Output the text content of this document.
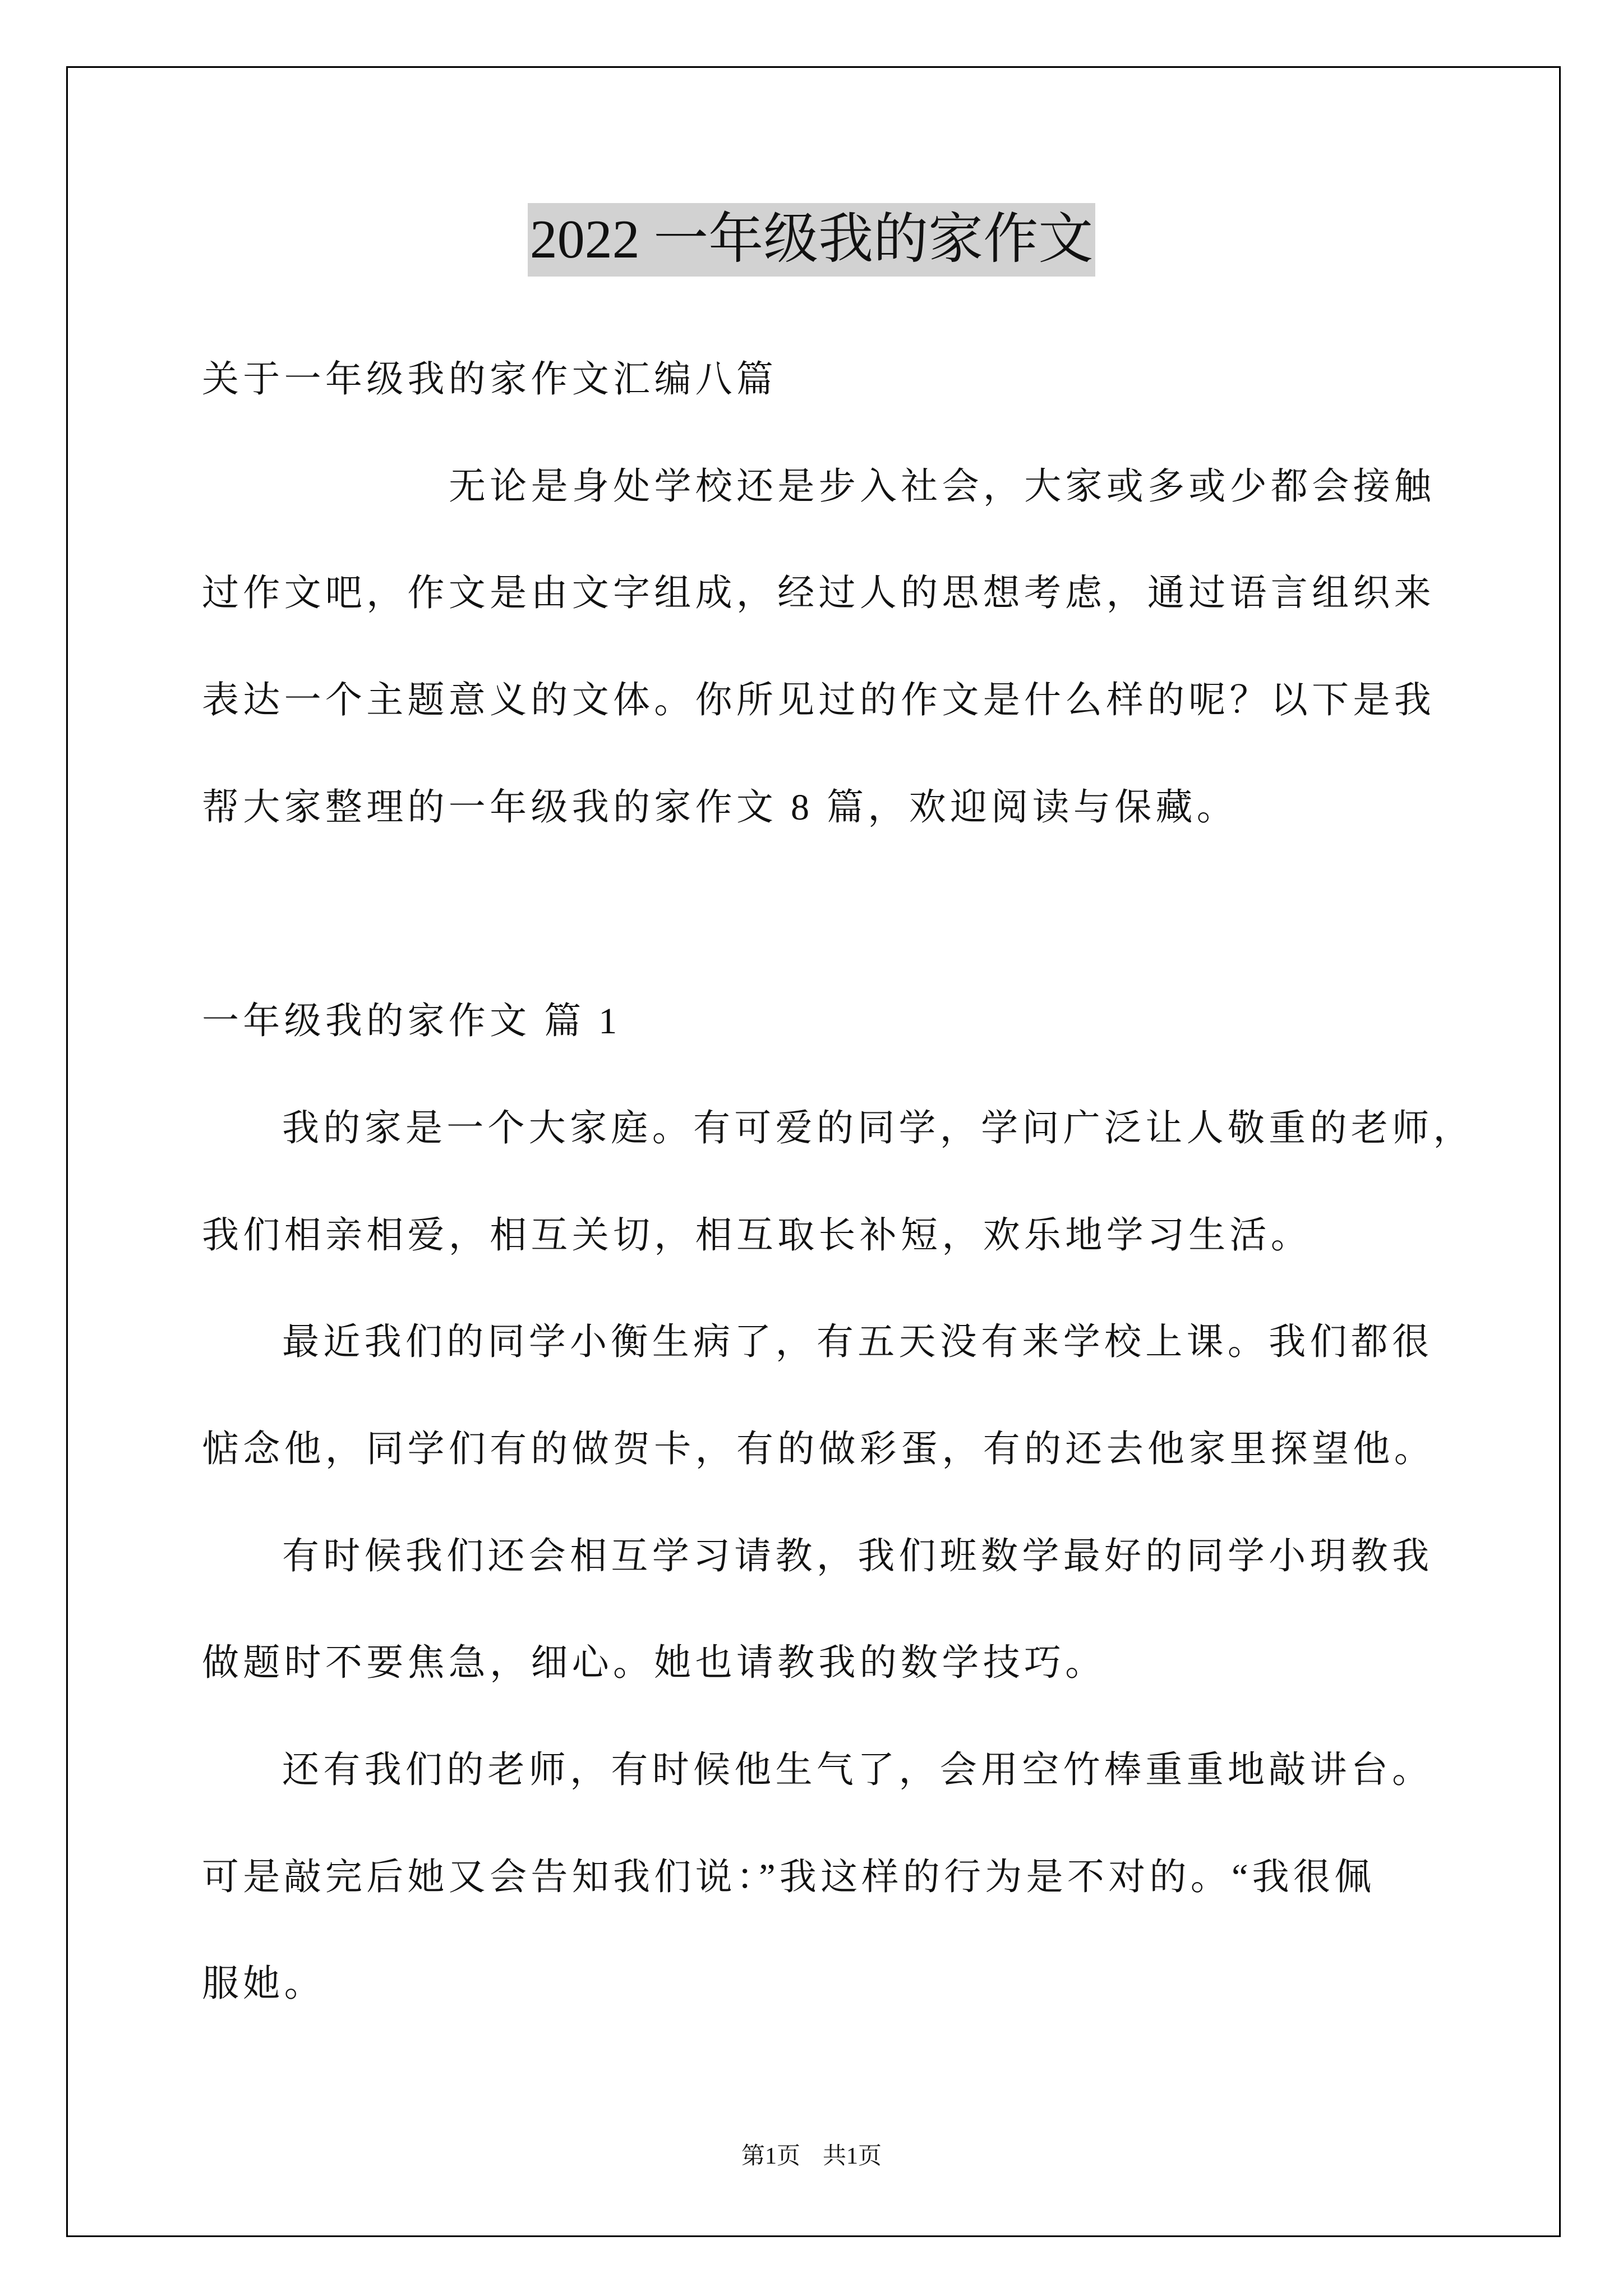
2022 一年级我的家作文
关于一年级我的家作文汇编八篇
无论是身处学校还是步入社会，大家或多或少都会接触
过作文吧，作文是由文字组成，经过人的思想考虑，通过语言组织来
表达一个主题意义的文体。你所见过的作文是什么样的呢？以下是我
帮大家整理的一年级我的家作文 8 篇，欢迎阅读与保藏。
一年级我的家作文 篇 1
我的家是一个大家庭。有可爱的同学，学问广泛让人敬重的老师，
我们相亲相爱，相互关切，相互取长补短，欢乐地学习生活。
最近我们的同学小衡生病了，有五天没有来学校上课。我们都很
惦念他，同学们有的做贺卡，有的做彩蛋，有的还去他家里探望他。
有时候我们还会相互学习请教，我们班数学最好的同学小玥教我
做题时不要焦急，细心。她也请教我的数学技巧。
还有我们的老师，有时候他生气了，会用空竹棒重重地敲讲台。
可是敲完后她又会告知我们说：”我这样的行为是不对的。“我很佩
服她。
第1页 共1页
